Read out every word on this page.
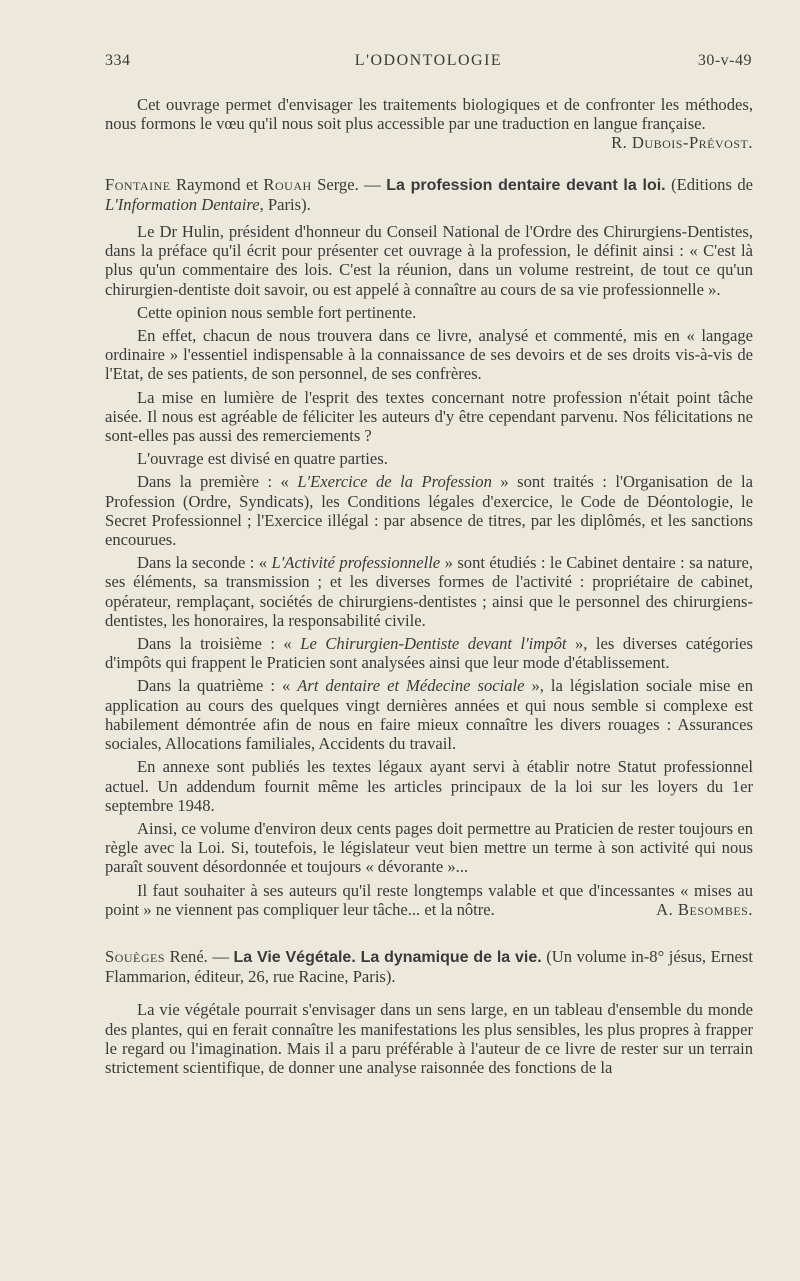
334	L'ODONTOLOGIE	30-v-49

Cet ouvrage permet d'envisager les traitements biologiques et de confronter les méthodes, nous formons le vœu qu'il nous soit plus accessible par une traduction en langue française.
R. Dubois-Prévost.

Fontaine Raymond et Rouah Serge. — La profession dentaire devant la loi. (Editions de L'Information Dentaire, Paris).

Le Dr Hulin, président d'honneur du Conseil National de l'Ordre des Chirurgiens-Dentistes, dans la préface qu'il écrit pour présenter cet ouvrage à la profession, le définit ainsi : « C'est là plus qu'un commentaire des lois. C'est la réunion, dans un volume restreint, de tout ce qu'un chirurgien-dentiste doit savoir, ou est appelé à connaître au cours de sa vie professionnelle ».

Cette opinion nous semble fort pertinente.

En effet, chacun de nous trouvera dans ce livre, analysé et commenté, mis en « langage ordinaire » l'essentiel indispensable à la connaissance de ses devoirs et de ses droits vis-à-vis de l'Etat, de ses patients, de son personnel, de ses confrères.

La mise en lumière de l'esprit des textes concernant notre profession n'était point tâche aisée. Il nous est agréable de féliciter les auteurs d'y être cependant parvenu. Nos félicitations ne sont-elles pas aussi des remerciements ?

L'ouvrage est divisé en quatre parties.

Dans la première : « L'Exercice de la Profession » sont traités : l'Organisation de la Profession (Ordre, Syndicats), les Conditions légales d'exercice, le Code de Déontologie, le Secret Professionnel ; l'Exercice illégal : par absence de titres, par les diplômés, et les sanctions encourues.

Dans la seconde : « L'Activité professionnelle » sont étudiés : le Cabinet dentaire : sa nature, ses éléments, sa transmission ; et les diverses formes de l'activité : propriétaire de cabinet, opérateur, remplaçant, sociétés de chirurgiens-dentistes ; ainsi que le personnel des chirurgiens-dentistes, les honoraires, la responsabilité civile.

Dans la troisième : « Le Chirurgien-Dentiste devant l'impôt », les diverses catégories d'impôts qui frappent le Praticien sont analysées ainsi que leur mode d'établissement.

Dans la quatrième : « Art dentaire et Médecine sociale », la législation sociale mise en application au cours des quelques vingt dernières années et qui nous semble si complexe est habilement démontrée afin de nous en faire mieux connaître les divers rouages : Assurances sociales, Allocations familiales, Accidents du travail.

En annexe sont publiés les textes légaux ayant servi à établir notre Statut professionnel actuel. Un addendum fournit même les articles principaux de la loi sur les loyers du 1er septembre 1948.

Ainsi, ce volume d'environ deux cents pages doit permettre au Praticien de rester toujours en règle avec la Loi. Si, toutefois, le législateur veut bien mettre un terme à son activité qui nous paraît souvent désordonnée et toujours « dévorante »...

Il faut souhaiter à ses auteurs qu'il reste longtemps valable et que d'incessantes « mises au point » ne viennent pas compliquer leur tâche... et la nôtre.	A. Besombes.

Souèges René. — La Vie Végétale. La dynamique de la vie. (Un volume in-8° jésus, Ernest Flammarion, éditeur, 26, rue Racine, Paris).

La vie végétale pourrait s'envisager dans un sens large, en un tableau d'ensemble du monde des plantes, qui en ferait connaître les manifestations les plus sensibles, les plus propres à frapper le regard ou l'imagination. Mais il a paru préférable à l'auteur de ce livre de rester sur un terrain strictement scientifique, de donner une analyse raisonnée des fonctions de la
